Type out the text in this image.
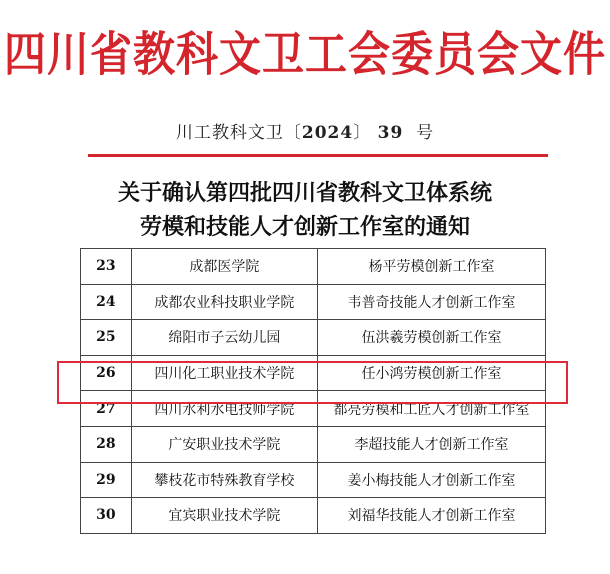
四川省教科文卫工会委员会文件
川工教科文卫〔2024〕 39 号
关于确认第四批四川省教科文卫体系统
劳模和技能人才创新工作室的通知
23	成都医学院	杨平劳模创新工作室
24	成都农业科技职业学院	韦普奇技能人才创新工作室
25	绵阳市子云幼儿园	伍洪羲劳模创新工作室
26	四川化工职业技术学院	任小鸿劳模创新工作室
27	四川水利水电技师学院	都亮劳模和工匠人才创新工作室
28	广安职业技术学院	李超技能人才创新工作室
29	攀枝花市特殊教育学校	姜小梅技能人才创新工作室
30	宜宾职业技术学院	刘福华技能人才创新工作室
